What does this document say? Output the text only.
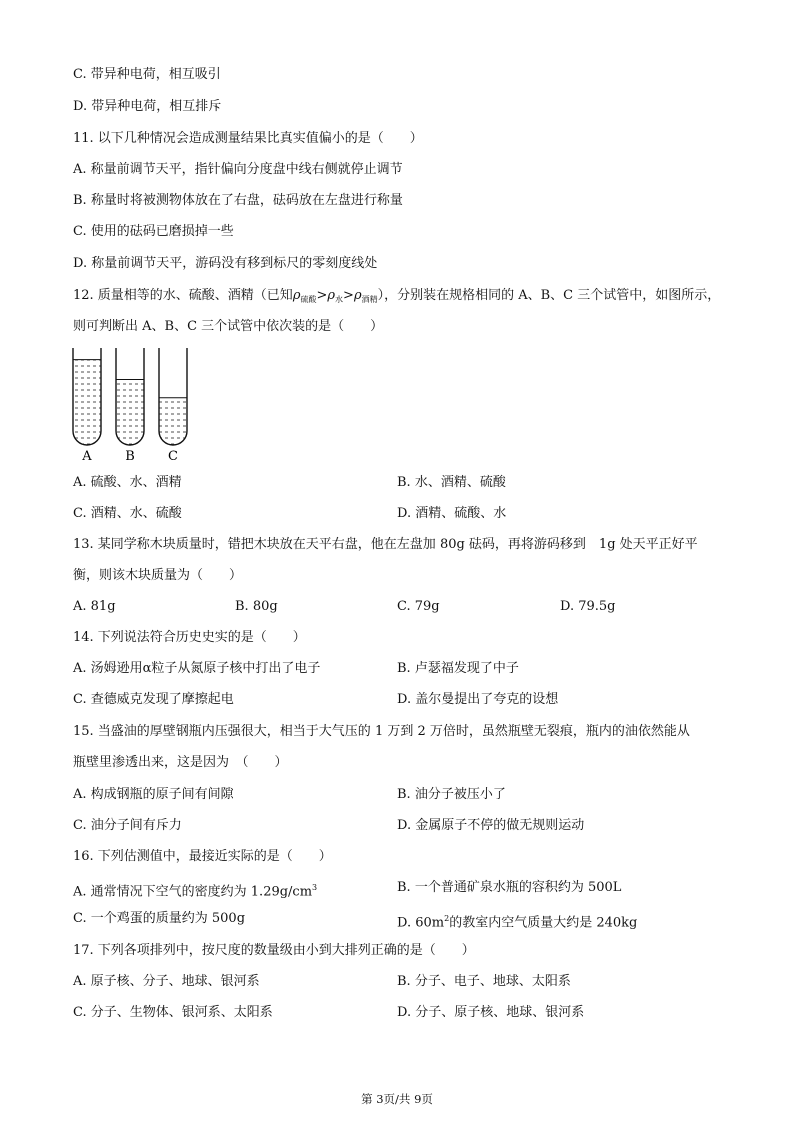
C. 带异种电荷，相互吸引
D. 带异种电荷，相互排斥
11. 以下几种情况会造成测量结果比真实值偏小的是（　　）
A. 称量前调节天平，指针偏向分度盘中线右侧就停止调节
B. 称量时将被测物体放在了右盘，砝码放在左盘进行称量
C. 使用的砝码已磨损掉一些
D. 称量前调节天平，游码没有移到标尺的零刻度线处
12. 质量相等的水、硫酸、酒精（已知$\rho_{硫酸}>\rho_水>\rho_{酒精}$），分别装在规格相同的 A、B、C 三个试管中，如图所示，
则可判断出 A、B、C 三个试管中依次装的是（　　）
A	B	C
A. 硫酸、水、酒精	B. 水、酒精、硫酸
C. 酒精、水、硫酸	D. 酒精、硫酸、水
13. 某同学称木块质量时，错把木块放在天平右盘，他在左盘加 80g 砝码，再将游码移到　1g 处天平正好平
衡，则该木块质量为（　　）
A. 81g	B. 80g	C. 79g	D. 79.5g
14. 下列说法符合历史史实的是（　　）
A. 汤姆逊用α粒子从氮原子核中打出了电子	B. 卢瑟福发现了中子
C. 查德威克发现了摩擦起电	D. 盖尔曼提出了夸克的设想
15. 当盛油的厚壁钢瓶内压强很大，相当于大气压的 1 万到 2 万倍时，虽然瓶壁无裂痕，瓶内的油依然能从
瓶壁里渗透出来，这是因为　（　　）
A. 构成钢瓶的原子间有间隙	B. 油分子被压小了
C. 油分子间有斥力	D. 金属原子不停的做无规则运动
16. 下列估测值中，最接近实际的是（　　）
A. 通常情况下空气的密度约为 $1.29g/cm^3$	B. 一个普通矿泉水瓶的容积约为 500L
C. 一个鸡蛋的质量约为 500g	D. $60m^2$的教室内空气质量大约是 240kg
17. 下列各项排列中，按尺度的数量级由小到大排列正确的是（　　）
A. 原子核、分子、地球、银河系	B. 分子、电子、地球、太阳系
C. 分子、生物体、银河系、太阳系	D. 分子、原子核、地球、银河系
第 3页/共 9页
